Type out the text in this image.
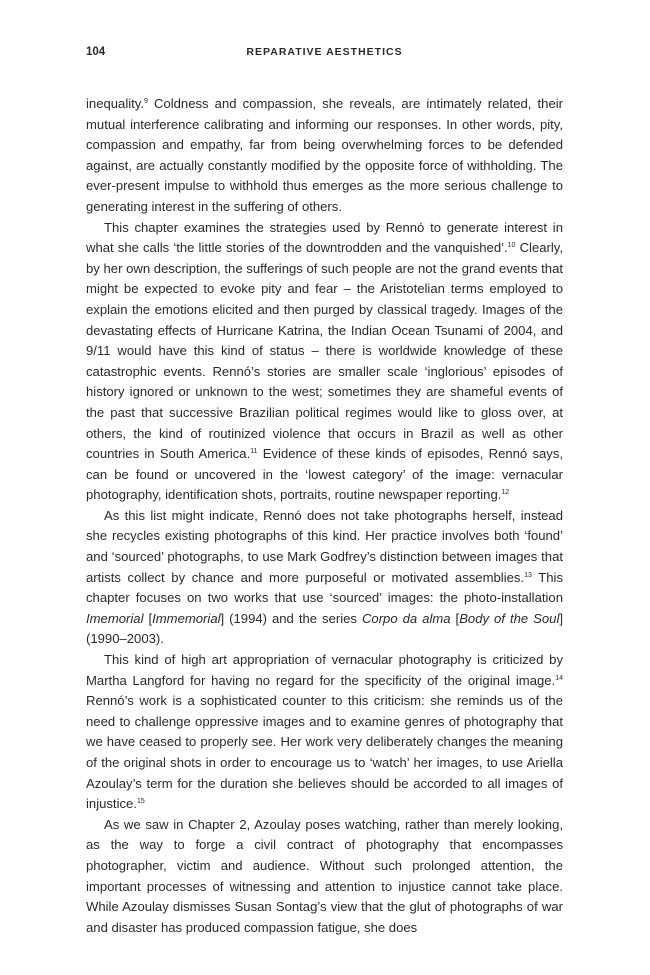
104	REPARATIVE AESTHETICS

inequality.$^9$ Coldness and compassion, she reveals, are intimately related, their mutual interference calibrating and informing our responses. In other words, pity, compassion and empathy, far from being overwhelming forces to be defended against, are actually constantly modified by the opposite force of withholding. The ever-present impulse to withhold thus emerges as the more serious challenge to generating interest in the suffering of others.

This chapter examines the strategies used by Rennó to generate interest in what she calls ‘the little stories of the downtrodden and the vanquished’.$^{10}$ Clearly, by her own description, the sufferings of such people are not the grand events that might be expected to evoke pity and fear – the Aristotelian terms employed to explain the emotions elicited and then purged by classical tragedy. Images of the devastating effects of Hurricane Katrina, the Indian Ocean Tsunami of 2004, and 9/11 would have this kind of status – there is worldwide knowledge of these catastrophic events. Rennó’s stories are smaller scale ‘inglorious’ episodes of history ignored or unknown to the west; sometimes they are shameful events of the past that successive Brazilian political regimes would like to gloss over, at others, the kind of routinized violence that occurs in Brazil as well as other countries in South America.$^{11}$ Evidence of these kinds of episodes, Rennó says, can be found or uncovered in the ‘lowest category’ of the image: vernacular photography, identification shots, portraits, routine newspaper reporting.$^{12}$

As this list might indicate, Rennó does not take photographs herself, instead she recycles existing photographs of this kind. Her practice involves both ‘found’ and ‘sourced’ photographs, to use Mark Godfrey’s distinction between images that artists collect by chance and more purposeful or motivated assemblies.$^{13}$ This chapter focuses on two works that use ‘sourced’ images: the photo-installation Imemorial [Immemorial] (1994) and the series Corpo da alma [Body of the Soul] (1990–2003).

This kind of high art appropriation of vernacular photography is criticized by Martha Langford for having no regard for the specificity of the original image.$^{14}$ Rennó’s work is a sophisticated counter to this criticism: she reminds us of the need to challenge oppressive images and to examine genres of photography that we have ceased to properly see. Her work very deliberately changes the meaning of the original shots in order to encourage us to ‘watch’ her images, to use Ariella Azoulay’s term for the duration she believes should be accorded to all images of injustice.$^{15}$

As we saw in Chapter 2, Azoulay poses watching, rather than merely looking, as the way to forge a civil contract of photography that encompasses photographer, victim and audience. Without such prolonged attention, the important processes of witnessing and attention to injustice cannot take place. While Azoulay dismisses Susan Sontag’s view that the glut of photographs of war and disaster has produced compassion fatigue, she does
